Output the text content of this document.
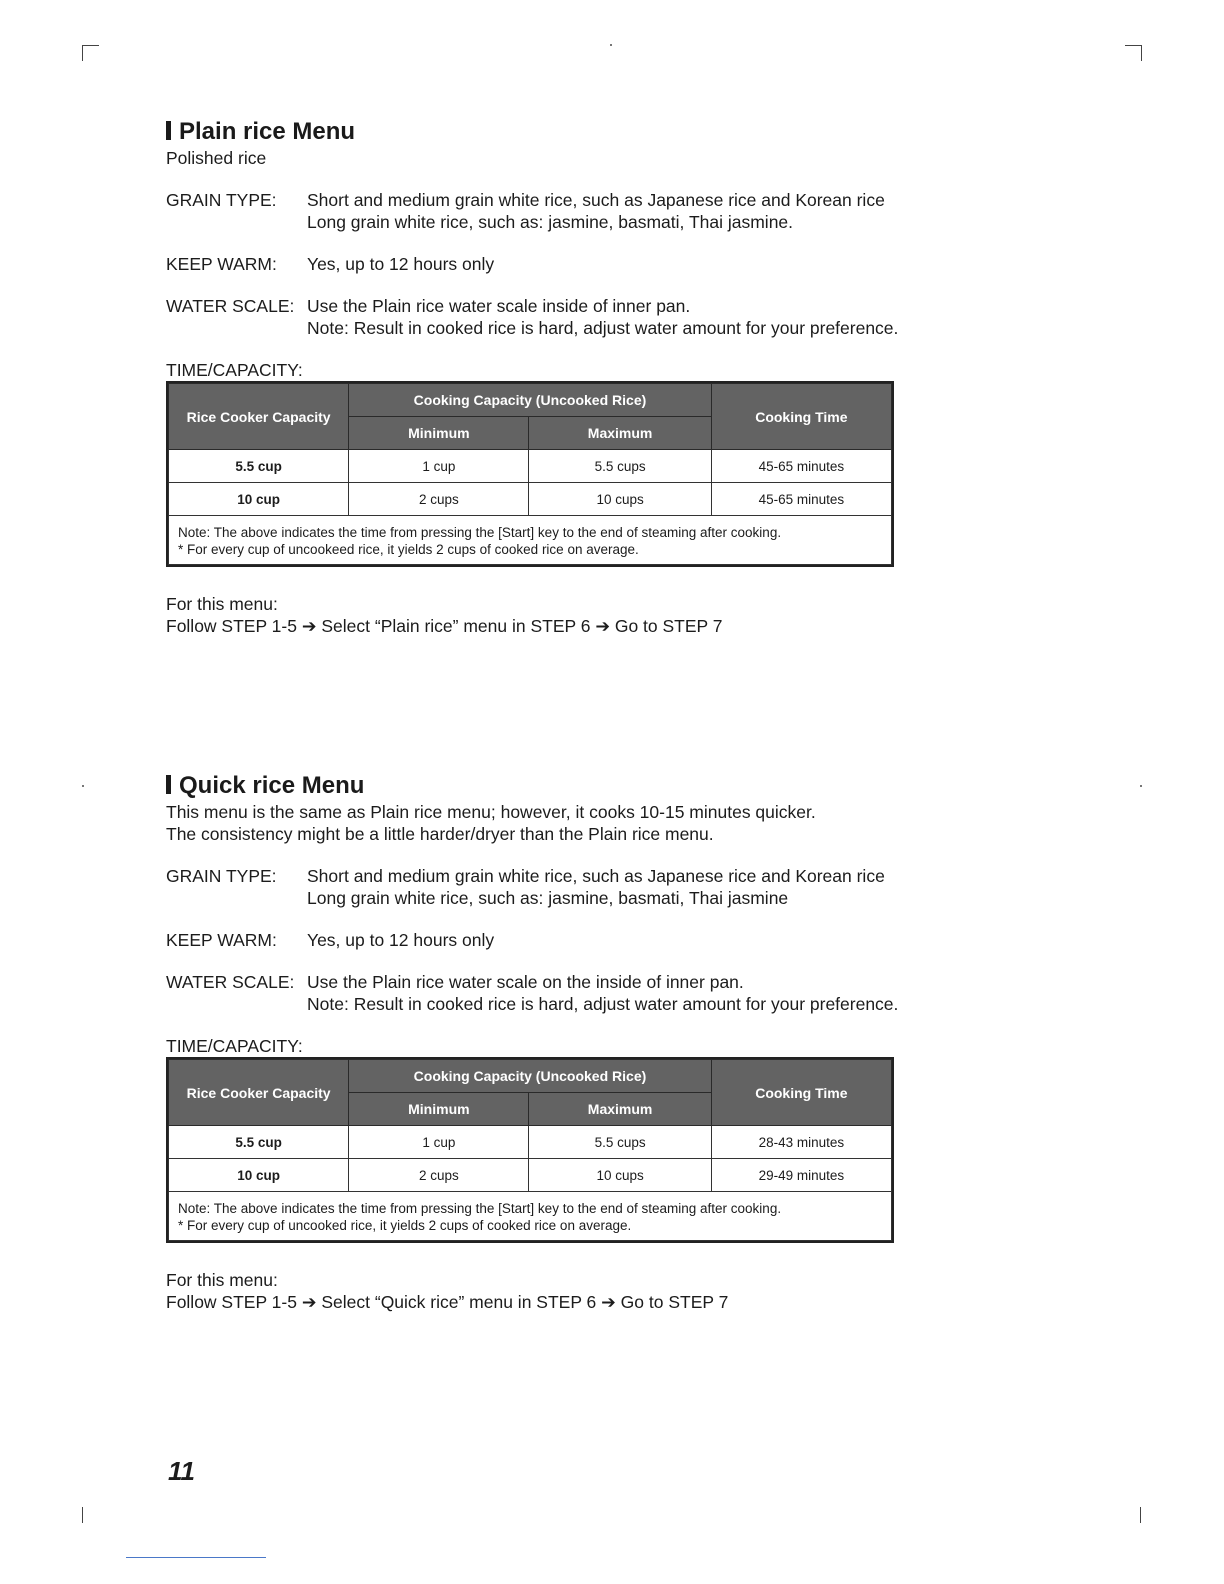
Plain rice Menu
Polished rice
GRAIN TYPE:	Short and medium grain white rice, such as Japanese rice and Korean rice
Long grain white rice, such as: jasmine, basmati, Thai jasmine.
KEEP WARM:	Yes, up to 12 hours only
WATER SCALE: Use the Plain rice water scale inside of inner pan.
Note: Result in cooked rice is hard, adjust water amount for your preference.
TIME/CAPACITY:
Rice Cooker Capacity	Cooking Capacity (Uncooked Rice)		Cooking Time
	Minimum	Maximum	
5.5 cup	1 cup	5.5 cups	45-65 minutes
10 cup	2 cups	10 cups	45-65 minutes

Note: The above indicates the time from pressing the [Start] key to the end of steaming after cooking.
* For every cup of uncookeed rice, it yields 2 cups of cooked rice on average.			
For this menu:
Follow STEP 1-5 ➔ Select “Plain rice” menu in STEP 6 ➔ Go to STEP 7
Quick rice Menu
This menu is the same as Plain rice menu; however, it cooks 10-15 minutes quicker.
The consistency might be a little harder/dryer than the Plain rice menu.
GRAIN TYPE:	Short and medium grain white rice, such as Japanese rice and Korean rice
Long grain white rice, such as: jasmine, basmati, Thai jasmine
KEEP WARM:	Yes, up to 12 hours only
WATER SCALE: Use the Plain rice water scale on the inside of inner pan.
Note: Result in cooked rice is hard, adjust water amount for your preference.
TIME/CAPACITY:
Rice Cooker Capacity	Cooking Capacity (Uncooked Rice)		Cooking Time
	Minimum	Maximum	
5.5 cup	1 cup	5.5 cups	28-43 minutes
10 cup	2 cups	10 cups	29-49 minutes

Note: The above indicates the time from pressing the [Start] key to the end of steaming after cooking.
* For every cup of uncooked rice, it yields 2 cups of cooked rice on average.			
For this menu:
Follow STEP 1-5 ➔ Select “Quick rice” menu in STEP 6 ➔ Go to STEP 7
11
